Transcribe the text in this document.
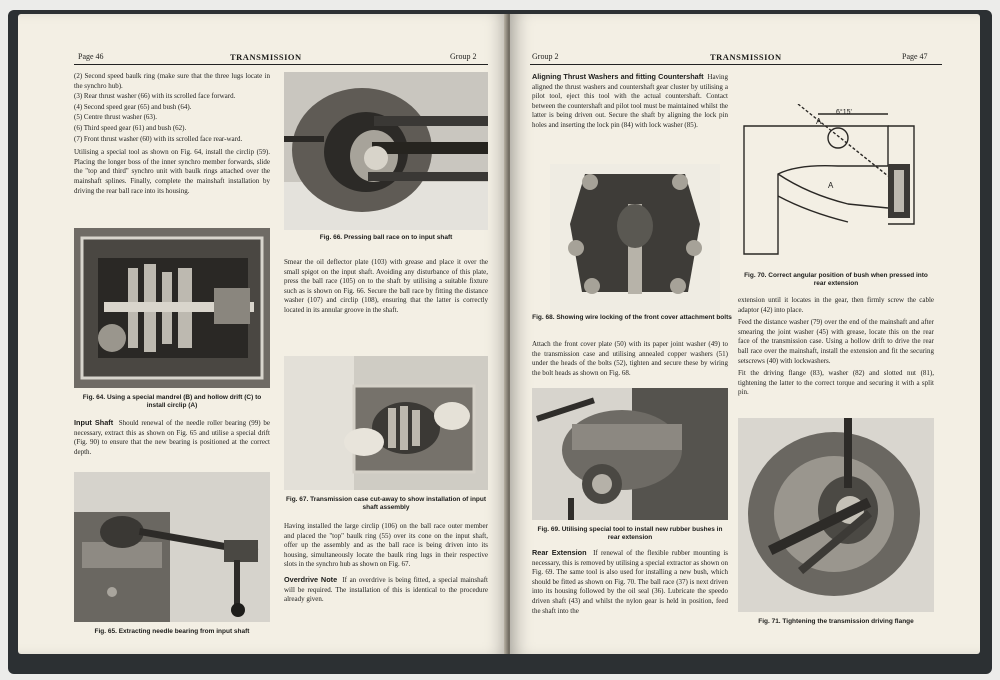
Page 46	TRANSMISSION	Group 2
(2) Second speed baulk ring (make sure that the three lugs locate in the synchro hub).
(3) Rear thrust washer (66) with its scrolled face forward.
(4) Second speed gear (65) and bush (64).
(5) Centre thrust washer (63).
(6) Third speed gear (61) and bush (62).
(7) Front thrust washer (60) with its scrolled face rear-ward.

Utilising a special tool as shown on Fig. 64, install the circlip (59). Placing the longer boss of the inner synchro member forwards, slide the "top and third" synchro unit with baulk rings attached over the mainshaft splines. Finally, complete the mainshaft installation by driving the rear ball race into its housing.

Fig. 66. Pressing ball race on to input shaft
Fig. 64. Using a special mandrel (B) and hollow drift (C) to install circlip (A)

Input Shaft Should renewal of the needle roller bearing (99) be necessary, extract this as shown on Fig. 65 and utilise a special drift (Fig. 90) to ensure that the new bearing is positioned at the correct depth.

Fig. 65. Extracting needle bearing from input shaft

Smear the oil deflector plate (103) with grease and place it over the small spigot on the input shaft. Avoiding any disturbance of this plate, press the ball race (105) on to the shaft by utilising a suitable fixture such as is shown on Fig. 66. Secure the ball race by fitting the distance washer (107) and circlip (108), ensuring that the latter is correctly located in its annular groove in the shaft.

Fig. 67. Transmission case cut-away to show installation of input shaft assembly

Having installed the large circlip (106) on the ball race outer member and placed the "top" baulk ring (55) over its cone on the input shaft, offer up the assembly and as the ball race is being driven into its housing, simultaneously locate the baulk ring lugs in their respective slots in the synchro hub as shown on Fig. 67.

Overdrive Note If an overdrive is being fitted, a special mainshaft will be required. The installation of this is identical to the procedure already given.

Group 2	TRANSMISSION	Page 47

Aligning Thrust Washers and fitting Countershaft Having aligned the thrust washers and countershaft gear cluster by utilising a pilot tool, eject this tool with the actual countershaft. Contact between the countershaft and pilot tool must be maintained whilst the latter is being driven out. Secure the shaft by aligning the lock pin holes and inserting the lock pin (84) with lock washer (85).

Fig. 68. Showing wire locking of the front cover attachment bolts

Attach the front cover plate (50) with its paper joint washer (49) to the transmission case and utilising annealed copper washers (51) under the heads of the bolts (52), tighten and secure these by wiring the bolt heads as shown on Fig. 68.

Fig. 69. Utilising special tool to install new rubber bushes in rear extension

Rear Extension If renewal of the flexible rubber mounting is necessary, this is removed by utilising a special extractor as shown on Fig. 69. The same tool is also used for installing a new bush, which should be fitted as shown on Fig. 70. The ball race (37) is next driven into its housing followed by the oil seal (36). Lubricate the speedo driven shaft (43) and whilst the nylon gear is held in position, feed the shaft into the

A
6°15'
A
Fig. 70. Correct angular position of bush when pressed into rear extension

extension until it locates in the gear, then firmly screw the cable adaptor (42) into place.

Feed the distance washer (79) over the end of the mainshaft and after smearing the joint washer (45) with grease, locate this on the rear face of the transmission case. Using a hollow drift to drive the rear ball race over the mainshaft, install the extension and fit the securing setscrews (40) with lockwashers.

Fit the driving flange (83), washer (82) and slotted nut (81), tightening the latter to the correct torque and securing it with a split pin.

Fig. 71. Tightening the transmission driving flange
